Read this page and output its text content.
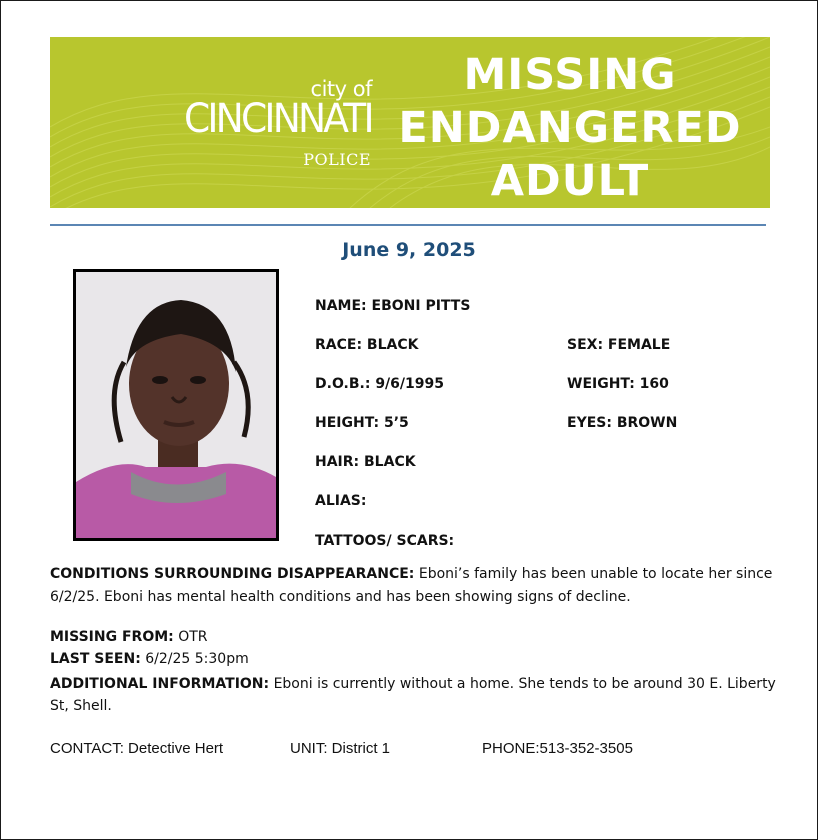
city of
CINCINNATI
POLICE
MISSING
ENDANGERED
ADULT
June 9, 2025
NAME: EBONI PITTS
RACE: BLACK	SEX: FEMALE
D.O.B.: 9/6/1995	WEIGHT: 160
HEIGHT: 5’5	EYES: BROWN
HAIR: BLACK
ALIAS:
TATTOOS/ SCARS:
CONDITIONS SURROUNDING DISAPPEARANCE: Eboni’s family has been unable to locate her since 6/2/25. Eboni has mental health conditions and has been showing signs of decline.
MISSING FROM: OTR
LAST SEEN: 6/2/25 5:30pm
ADDITIONAL INFORMATION: Eboni is currently without a home. She tends to be around 30 E. Liberty St, Shell.
CONTACT: Detective Hert	UNIT: District 1	PHONE:513-352-3505
